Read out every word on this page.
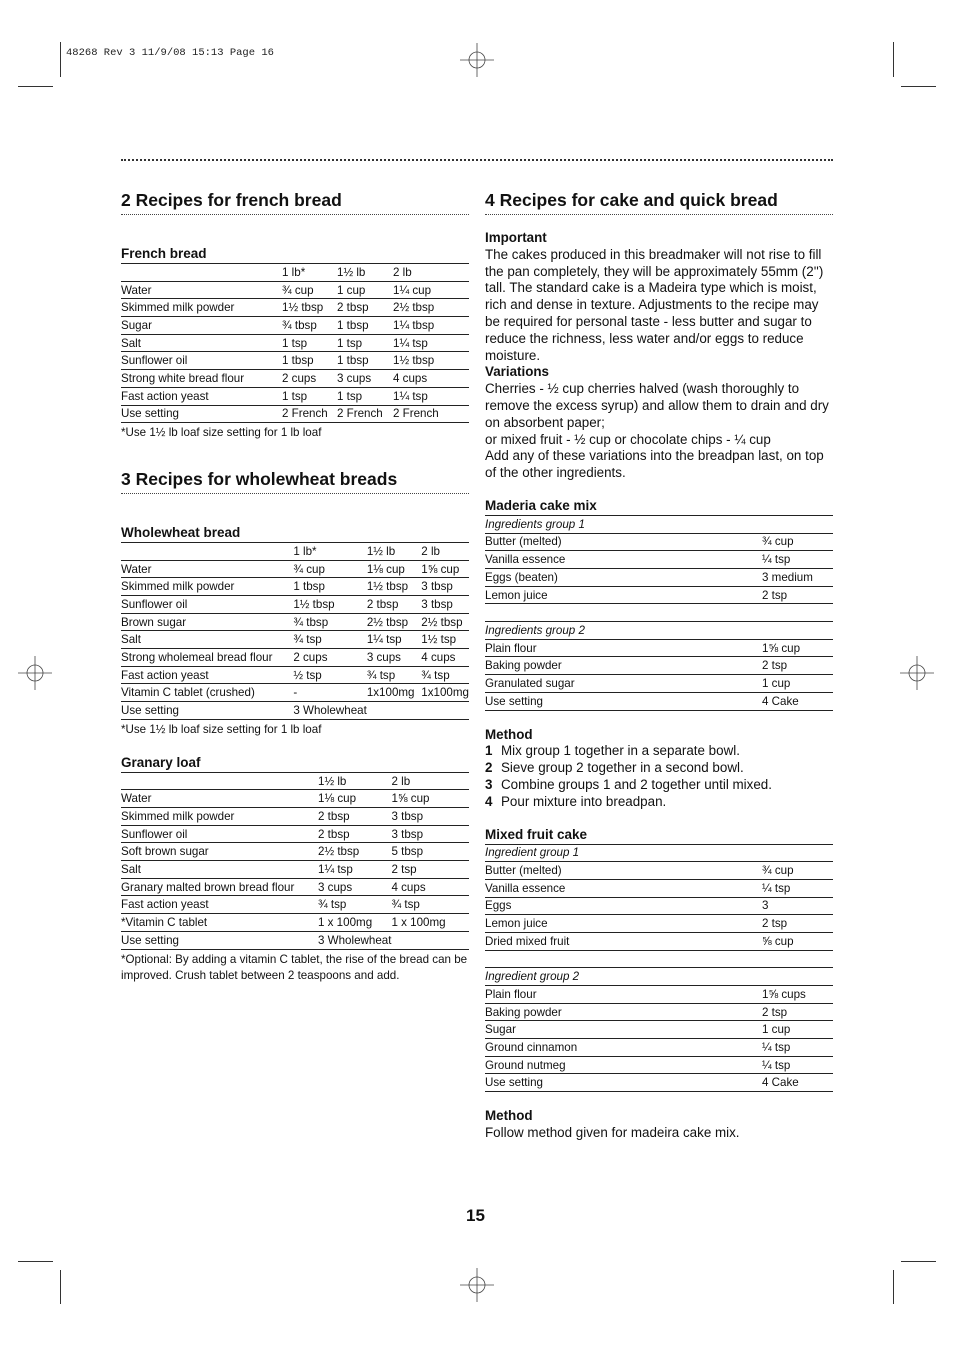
48268 Rev 3 11/9/08 15:13 Page 16
2 Recipes for french bread
French bread
	1 lb*	1½ lb	2 lb
Water	¾ cup	1 cup	1¼ cup
Skimmed milk powder	1½ tbsp	2 tbsp	2½ tbsp
Sugar	¾ tbsp	1 tbsp	1¼ tbsp
Salt	1 tsp	1 tsp	1¼ tsp
Sunflower oil	1 tbsp	1 tbsp	1½ tbsp
Strong white bread flour	2 cups	3 cups	4 cups
Fast action yeast	1 tsp	1 tsp	1¼ tsp
Use setting	2 French	2 French	2 French

*Use 1½ lb loaf size setting for 1 lb loaf

3 Recipes for wholewheat breads
Wholewheat bread
	1 lb*	1½ lb	2 lb
Water	¾ cup	1⅛ cup	1⅝ cup
Skimmed milk powder	1 tbsp	1½ tbsp	3 tbsp
Sunflower oil	1½ tbsp	2 tbsp	3 tbsp
Brown sugar	¾ tbsp	2½ tbsp	2½ tbsp
Salt	¾ tsp	1¼ tsp	1½ tsp
Strong wholemeal bread flour	2 cups	3 cups	4 cups
Fast action yeast	½ tsp	¾ tsp	¾ tsp
Vitamin C tablet (crushed)	-	1x100mg	1x100mg
Use setting	3 Wholewheat		

*Use 1½ lb loaf size setting for 1 lb loaf

Granary loaf
	1½ lb	2 lb
Water	1⅛ cup	1⅝ cup
Skimmed milk powder	2 tbsp	3 tbsp
Sunflower oil	2 tbsp	3 tbsp
Soft brown sugar	2½ tbsp	5 tbsp
Salt	1¼ tsp	2 tsp
Granary malted brown bread flour	3 cups	4 cups
Fast action yeast	¾ tsp	¾ tsp
*Vitamin C tablet	1 x 100mg	1 x 100mg
Use setting	3 Wholewheat	

*Optional: By adding a vitamin C tablet, the rise of the bread can be improved. Crush tablet between 2 teaspoons and add.

4 Recipes for cake and quick bread

Important

The cakes produced in this breadmaker will not rise to fill the pan completely, they will be approximately 55mm (2'') tall. The standard cake is a Madeira type which is moist, rich and dense in texture. Adjustments to the recipe may be required for personal taste - less butter and sugar to reduce the richness, less water and/or eggs to reduce moisture.

Variations

Cherries - ½ cup cherries halved (wash thoroughly to remove the excess syrup) and allow them to drain and dry on absorbent paper;

or mixed fruit - ½ cup or chocolate chips - ¼ cup

Add any of these variations into the breadpan last, on top of the other ingredients.

Maderia cake mix
Ingredients group 1	
Butter (melted)	¾ cup
Vanilla essence	¼ tsp
Eggs (beaten)	3 medium
Lemon juice	2 tsp

Ingredients group 2	
Plain flour	1⅝ cup
Baking powder	2 tsp
Granulated sugar	1 cup
Use setting	4 Cake

Method

1 Mix group 1 together in a separate bowl.
2 Sieve group 2 together in a second bowl.
3 Combine groups 1 and 2 together until mixed.
4 Pour mixture into breadpan.
Mixed fruit cake
Ingredient group 1	
Butter (melted)	¾ cup
Vanilla essence	¼ tsp
Eggs	3
Lemon juice	2 tsp
Dried mixed fruit	⅝ cup

Ingredient group 2	
Plain flour	1⅝ cups
Baking powder	2 tsp
Sugar	1 cup
Ground cinnamon	¼ tsp
Ground nutmeg	¼ tsp
Use setting	4 Cake

Method

Follow method given for madeira cake mix.

15
